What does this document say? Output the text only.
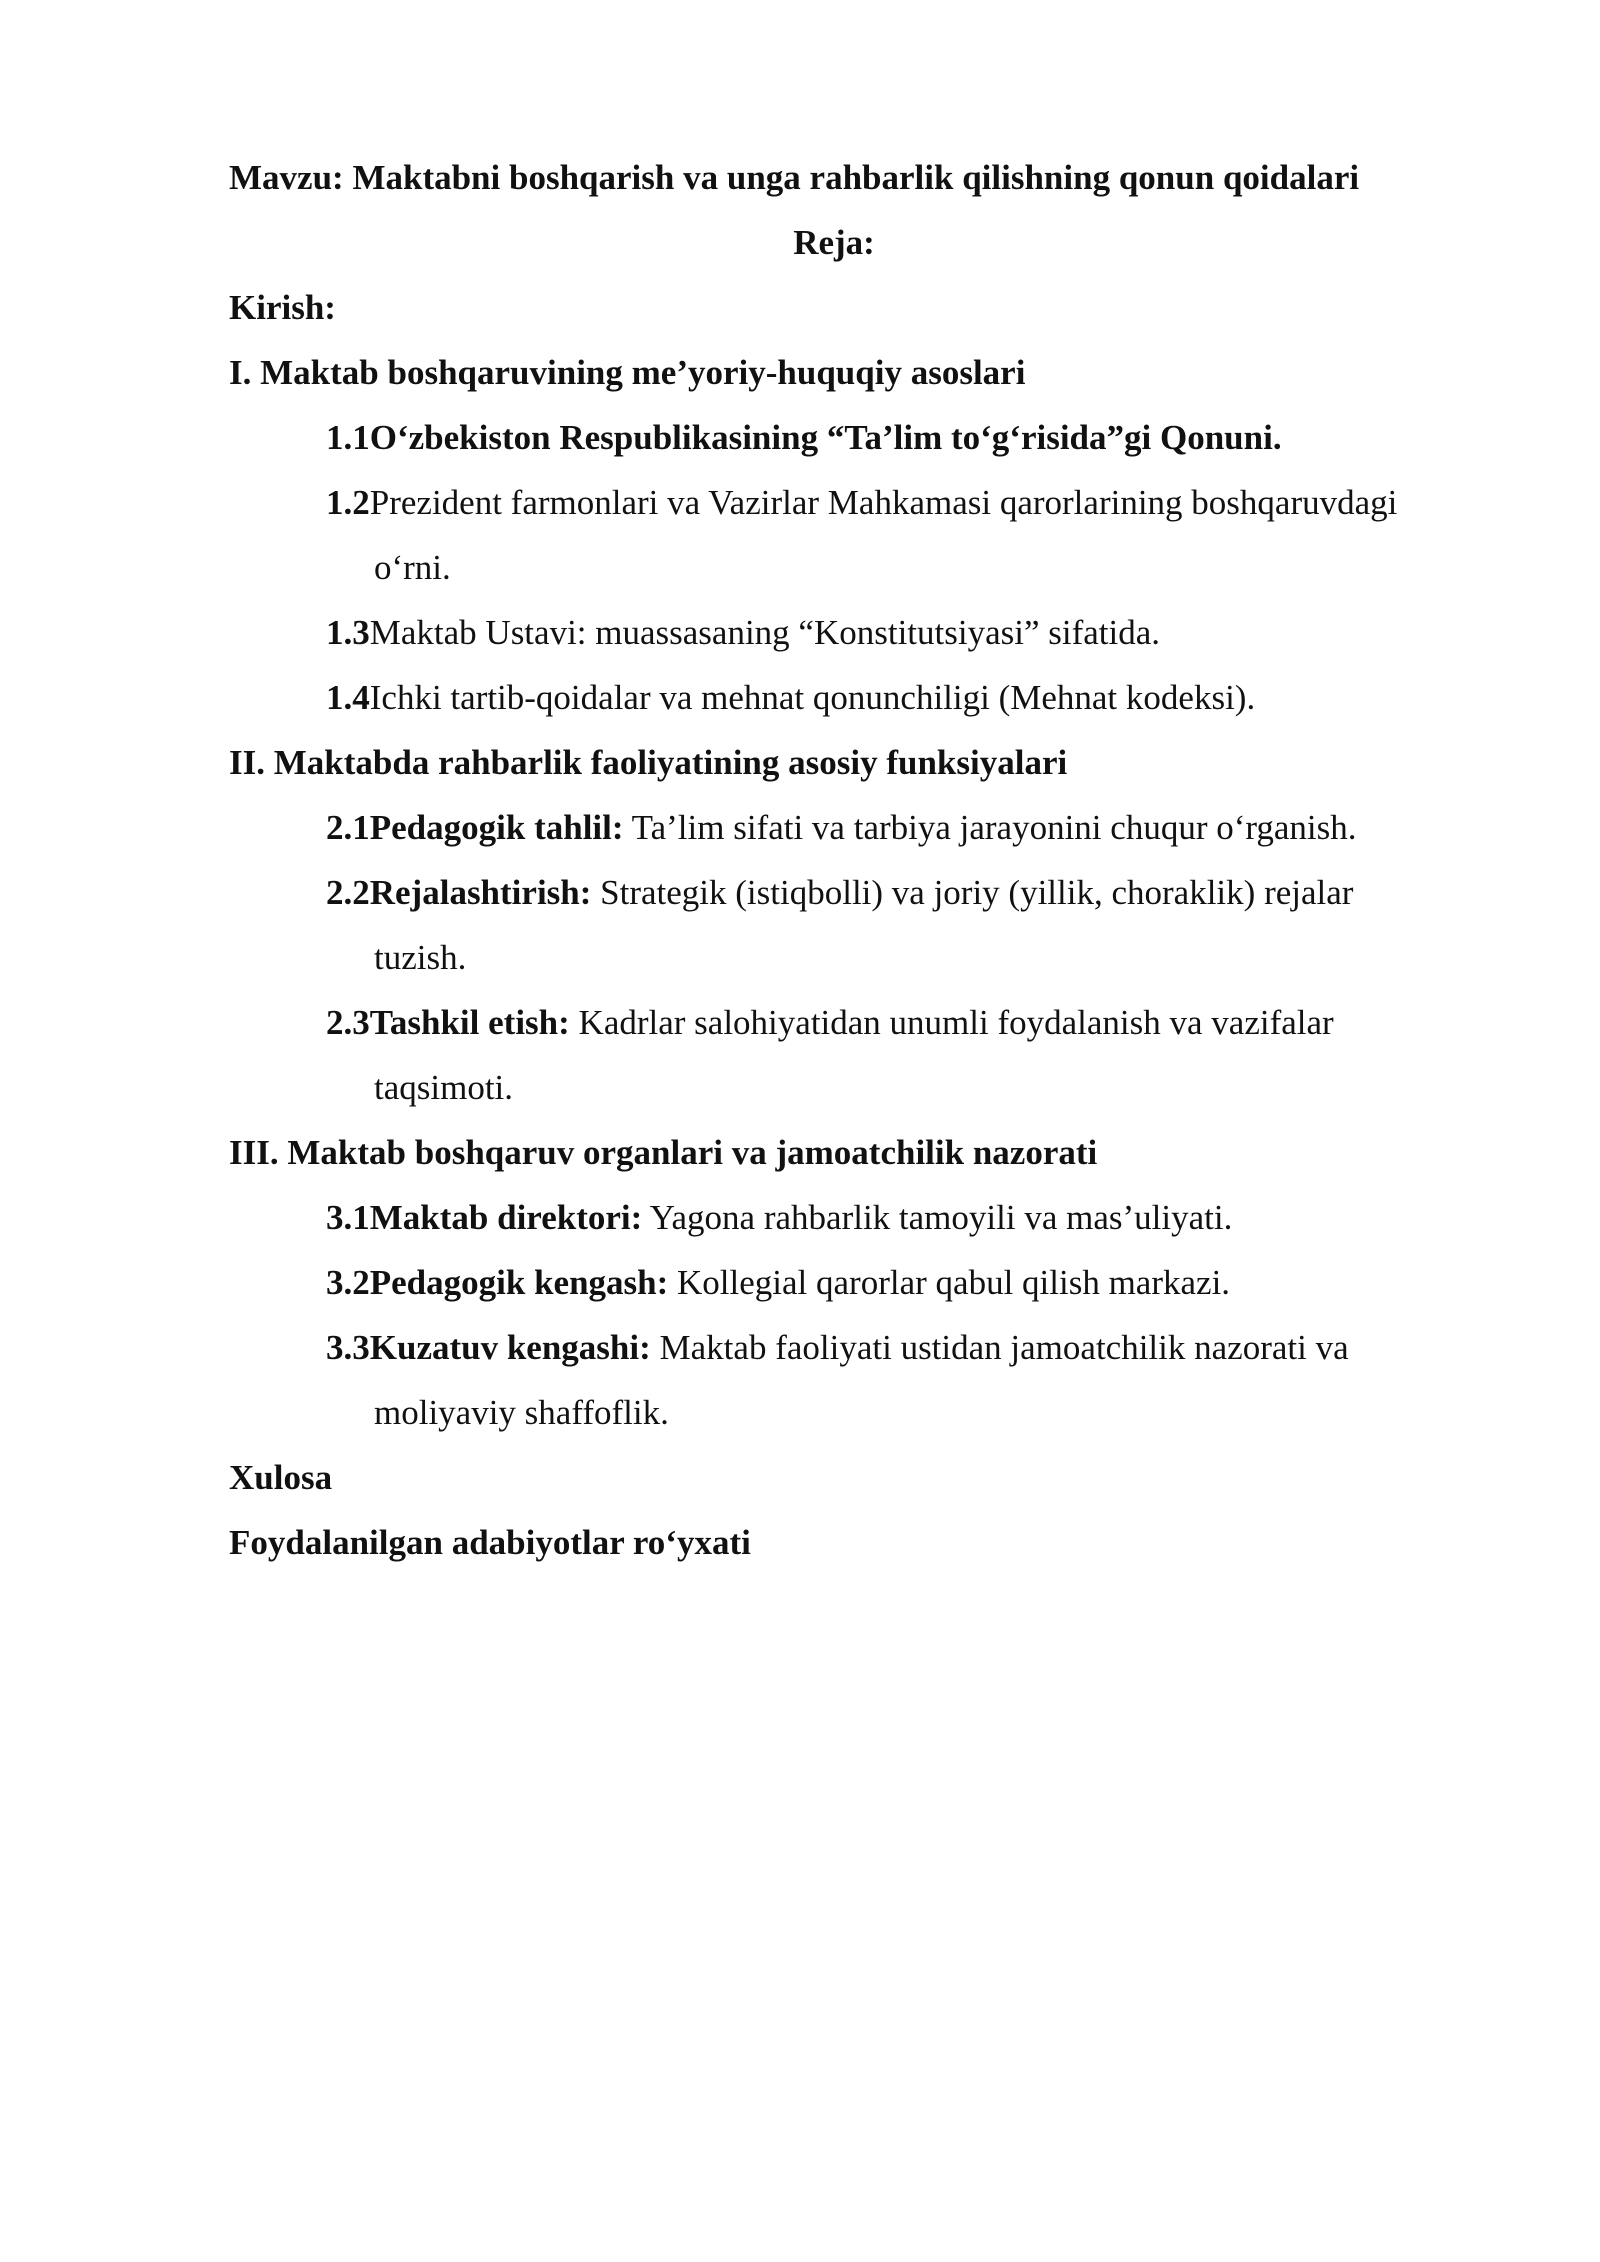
Mavzu: Maktabni boshqarish va unga rahbarlik qilishning qonun qoidalari
Reja:
Kirish:
I. Maktab boshqaruvining me’yoriy-huquqiy asoslari
1.1O‘zbekiston Respublikasining “Ta’lim to‘g‘risida”gi Qonuni.
1.2Prezident farmonlari va Vazirlar Mahkamasi qarorlarining boshqaruvdagi
o‘rni.
1.3Maktab Ustavi: muassasaning “Konstitutsiyasi” sifatida.
1.4Ichki tartib-qoidalar va mehnat qonunchiligi (Mehnat kodeksi).
II. Maktabda rahbarlik faoliyatining asosiy funksiyalari
2.1Pedagogik tahlil: Ta’lim sifati va tarbiya jarayonini chuqur o‘rganish.
2.2Rejalashtirish: Strategik (istiqbolli) va joriy (yillik, choraklik) rejalar
tuzish.
2.3Tashkil etish: Kadrlar salohiyatidan unumli foydalanish va vazifalar
taqsimoti.
III. Maktab boshqaruv organlari va jamoatchilik nazorati
3.1Maktab direktori: Yagona rahbarlik tamoyili va mas’uliyati.
3.2Pedagogik kengash: Kollegial qarorlar qabul qilish markazi.
3.3Kuzatuv kengashi: Maktab faoliyati ustidan jamoatchilik nazorati va
moliyaviy shaffoflik.
Xulosa
Foydalanilgan adabiyotlar ro‘yxati
